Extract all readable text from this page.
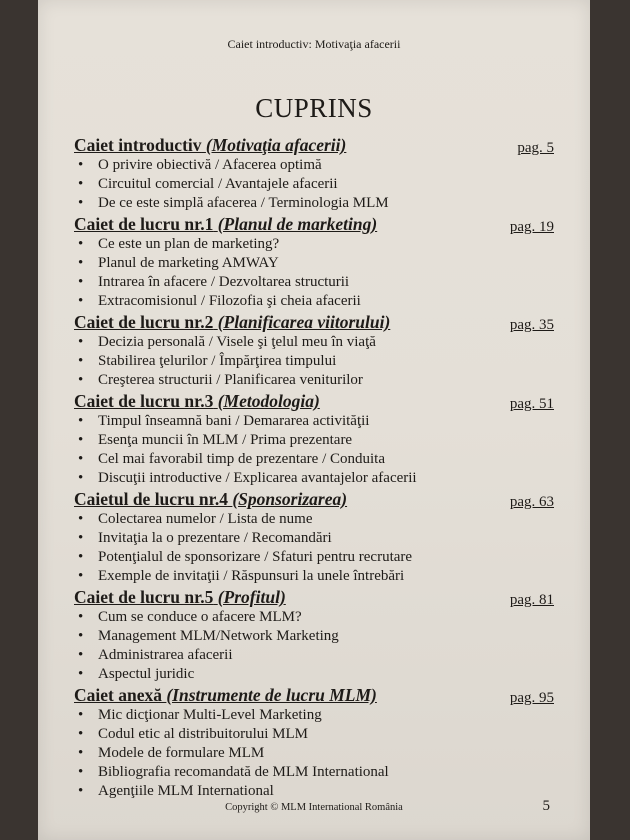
Caiet introductiv: Motivaţia afacerii
CUPRINS
Caiet introductiv (Motivaţia afacerii)	pag. 5
• O privire obiectivă / Afacerea optimă
• Circuitul comercial / Avantajele afacerii
• De ce este simplă afacerea / Terminologia MLM
Caiet de lucru nr.1 (Planul de marketing)	pag. 19
• Ce este un plan de marketing?
• Planul de marketing AMWAY
• Intrarea în afacere / Dezvoltarea structurii
• Extracomisionul / Filozofia şi cheia afacerii
Caiet de lucru nr.2 (Planificarea viitorului)	pag. 35
• Decizia personală / Visele şi ţelul meu în viaţă
• Stabilirea ţelurilor / Împărţirea timpului
• Creşterea structurii / Planificarea veniturilor
Caiet de lucru nr.3 (Metodologia)	pag. 51
• Timpul înseamnă bani / Demararea activităţii
• Esenţa muncii în MLM / Prima prezentare
• Cel mai favorabil timp de prezentare / Conduita
• Discuţii introductive / Explicarea avantajelor afacerii
Caietul de lucru nr.4 (Sponsorizarea)	pag. 63
• Colectarea numelor / Lista de nume
• Invitaţia la o prezentare / Recomandări
• Potenţialul de sponsorizare / Sfaturi pentru recrutare
• Exemple de invitaţii / Răspunsuri la unele întrebări
Caiet de lucru nr.5 (Profitul)	pag. 81
• Cum se conduce o afacere MLM?
• Management MLM/Network Marketing
• Administrarea afacerii
• Aspectul juridic
Caiet anexă (Instrumente de lucru MLM)	pag. 95
• Mic dicţionar Multi-Level Marketing
• Codul etic al distribuitorului MLM
• Modele de formulare MLM
• Bibliografia recomandată de MLM International
• Agenţiile MLM International
Copyright © MLM International România	5
